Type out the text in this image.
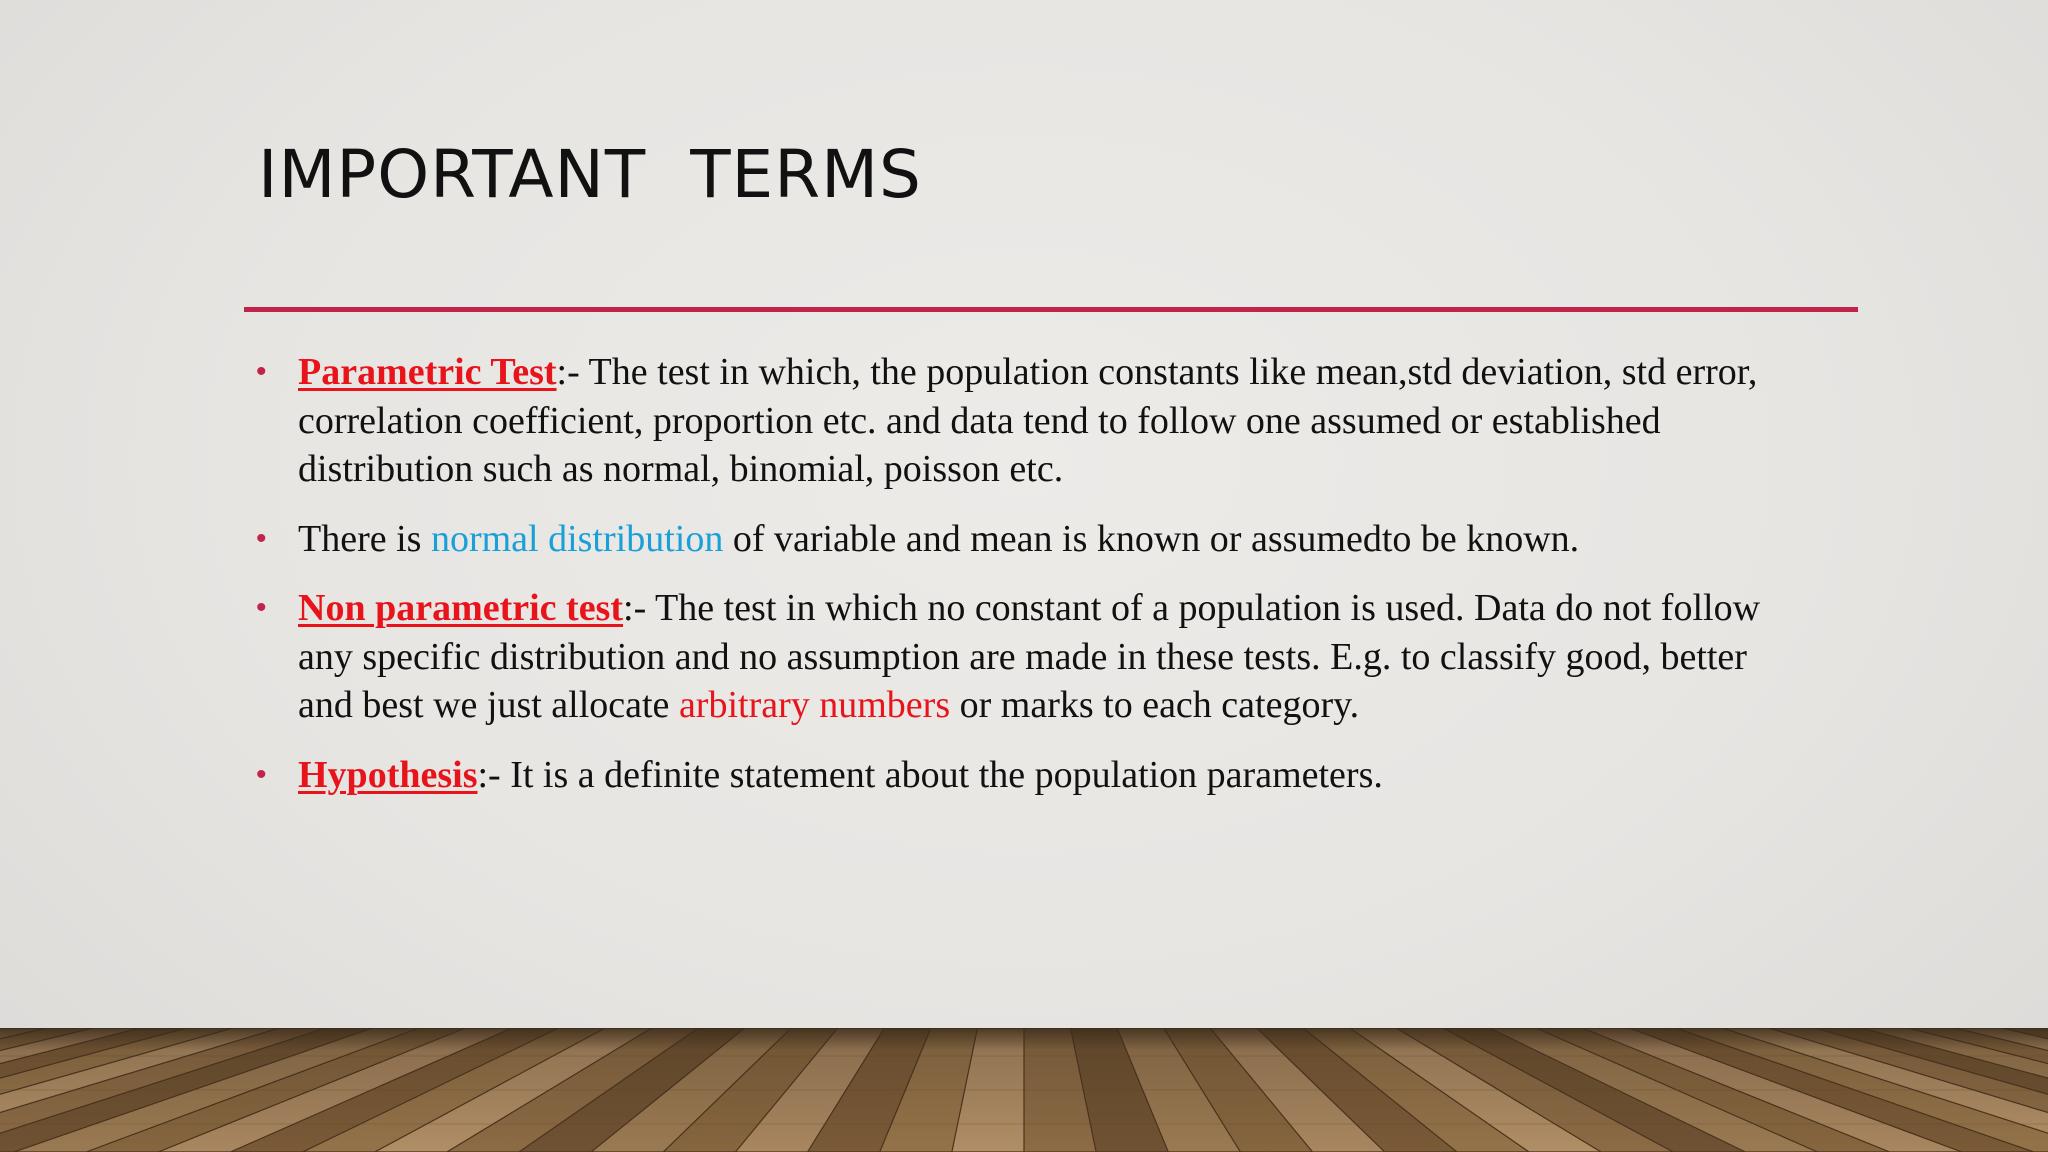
IMPORTANT  TERMS
• Parametric Test:- The test in which, the population constants like mean,std deviation, std error, correlation coefficient, proportion etc. and data tend to follow one assumed or established distribution such as normal, binomial, poisson etc.
• There is normal distribution of variable and mean is known or assumedto be known.
• Non parametric test:- The test in which no constant of a population is used. Data do not follow any specific distribution and no assumption are made in these tests. E.g. to classify good, better and best we just allocate arbitrary numbers or marks to each category.
• Hypothesis:- It is a definite statement about the population parameters.
